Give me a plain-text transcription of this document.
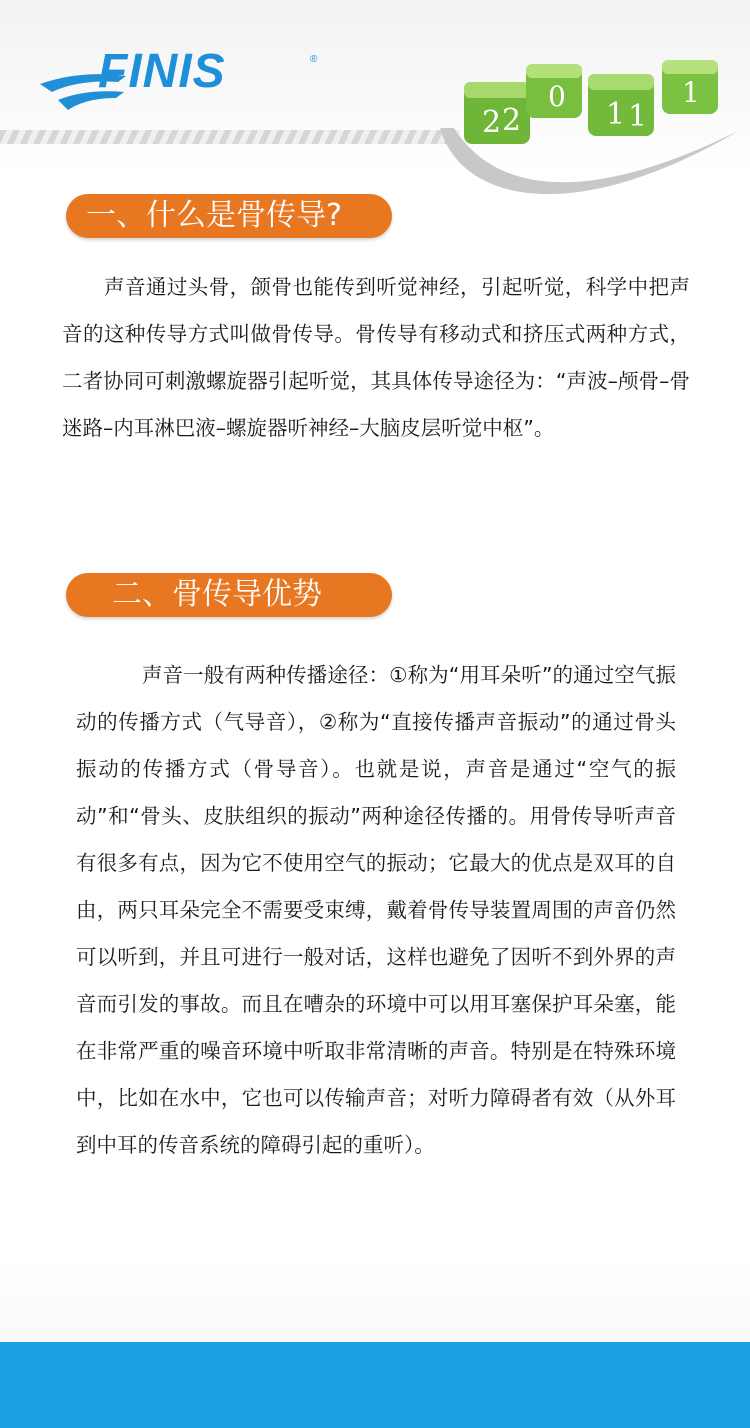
FINIS	®
2 2
0
1 1
1
一、什么是骨传导?

声音通过头骨，颌骨也能传到听觉神经，引起听觉，科学中把声音的这种传导方式叫做骨传导。骨传导有移动式和挤压式两种方式，二者协同可刺激螺旋器引起听觉，其具体传导途径为：“声波–颅骨–骨迷路–内耳淋巴液–螺旋器听神经–大脑皮层听觉中枢”。

二、骨传导优势

声音一般有两种传播途径：①称为“用耳朵听”的通过空气振动的传播方式（气导音），②称为“直接传播声音振动”的通过骨头振动的传播方式（骨导音）。也就是说，声音是通过“空气的振动”和“骨头、皮肤组织的振动”两种途径传播的。用骨传导听声音有很多有点，因为它不使用空气的振动；它最大的优点是双耳的自由，两只耳朵完全不需要受束缚，戴着骨传导装置周围的声音仍然可以听到，并且可进行一般对话，这样也避免了因听不到外界的声音而引发的事故。而且在嘈杂的环境中可以用耳塞保护耳朵塞，能在非常严重的噪音环境中听取非常清晰的声音。特别是在特殊环境中，比如在水中，它也可以传输声音；对听力障碍者有效（从外耳到中耳的传音系统的障碍引起的重听）。
